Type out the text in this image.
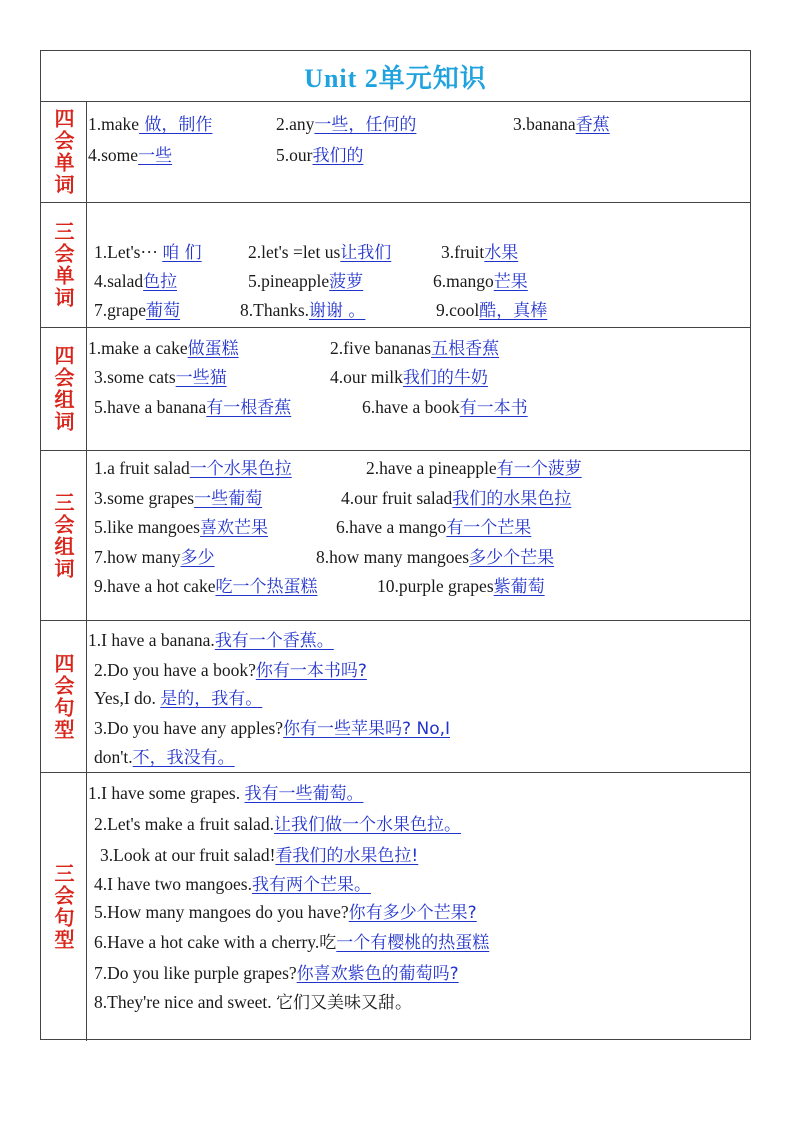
Unit 2单元知识
四会单词 1.make 做，制作	2.any一些，任何的	3.banana香蕉
4.some一些	5.our我们的
三会单词 1.Let's··· 咱 们	2.let's =let us让我们	3.fruit水果
4.salad色拉	5.pineapple菠萝	6.mango芒果
7.grape葡萄	8.Thanks.谢谢 。	9.cool酷，真棒
四会组词 1.make a cake做蛋糕	2.five bananas五根香蕉
3.some cats一些猫	4.our milk我们的牛奶
5.have a banana有一根香蕉	6.have a book有一本书
三会组词
1.a fruit salad一个水果色拉	2.have a pineapple有一个菠萝
3.some grapes一些葡萄	4.our fruit salad我们的水果色拉
5.like mangoes喜欢芒果	6.have a mango有一个芒果
7.how many多少	8.how many mangoes多少个芒果
9.have a hot cake吃一个热蛋糕	10.purple grapes紫葡萄
四会句型
1.I have a banana.我有一个香蕉。
2.Do you have a book?你有一本书吗?
Yes,I do. 是的，我有。
3.Do you have any apples?你有一些苹果吗? No,I
don't.不，我没有。
三会句型
1.I have some grapes. 我有一些葡萄。
2.Let's make a fruit salad.让我们做一个水果色拉。
3.Look at our fruit salad!看我们的水果色拉!
4.I have two mangoes.我有两个芒果。
5.How many mangoes do you have?你有多少个芒果?
6.Have a hot cake with a cherry.吃一个有樱桃的热蛋糕
7.Do you like purple grapes?你喜欢紫色的葡萄吗?
8.They're nice and sweet. 它们又美味又甜。
